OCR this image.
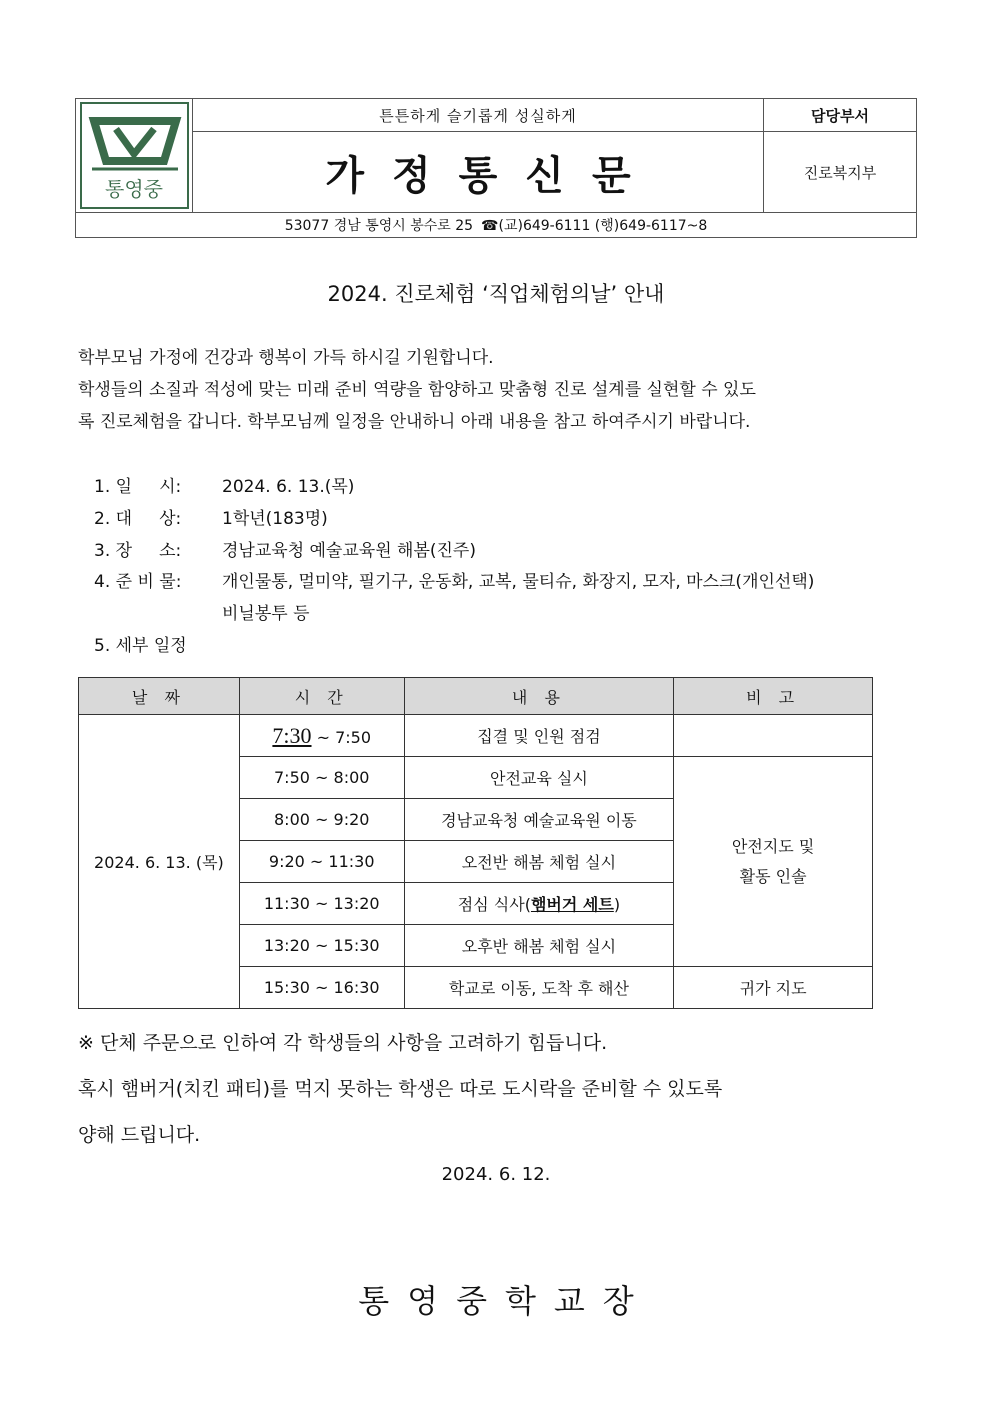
통영중
튼튼하게 슬기롭게 성실하게
가정통신문
담당부서
진로복지부
53077 경남 통영시 봉수로 25 ☎(교)649-6111 (행)649-6117~8
2024. 진로체험 ‘직업체험의날’ 안내
학부모님 가정에 건강과 행복이 가득 하시길 기원합니다.
학생들의 소질과 적성에 맞는 미래 준비 역량을 함양하고 맞춤형 진로 설계를 실현할 수 있도
록 진로체험을 갑니다. 학부모님께 일정을 안내하니 아래 내용을 참고 하여주시기 바랍니다.
1. 일     시: 2024. 6. 13.(목)
2. 대     상: 1학년(183명)
3. 장     소: 경남교육청 예술교육원 해봄(진주)
4. 준 비 물: 개인물통, 멀미약, 필기구, 운동화, 교복, 물티슈, 화장지, 모자, 마스크(개인선택)
비닐봉투 등
5. 세부 일정
날 짜	시 간	내 용	비 고
2024. 6. 13. (목)	7:30 ~ 7:50	집결 및 인원 점검	
	7:50 ~ 8:00	안전교육 실시	안전지도 및
활동 인솔
	8:00 ~ 9:20	경남교육청 예술교육원 이동	
	9:20 ~ 11:30	오전반 해봄 체험 실시	
	11:30 ~ 13:20	점심 식사(햄버거 세트)	
	13:20 ~ 15:30	오후반 해봄 체험 실시	
	15:30 ~ 16:30	학교로 이동, 도착 후 해산	귀가 지도
※ 단체 주문으로 인하여 각 학생들의 사항을 고려하기 힘듭니다.
혹시 햄버거(치킨 패티)를 먹지 못하는 학생은 따로 도시락을 준비할 수 있도록
양해 드립니다.
2024. 6. 12.
통영중학교장
